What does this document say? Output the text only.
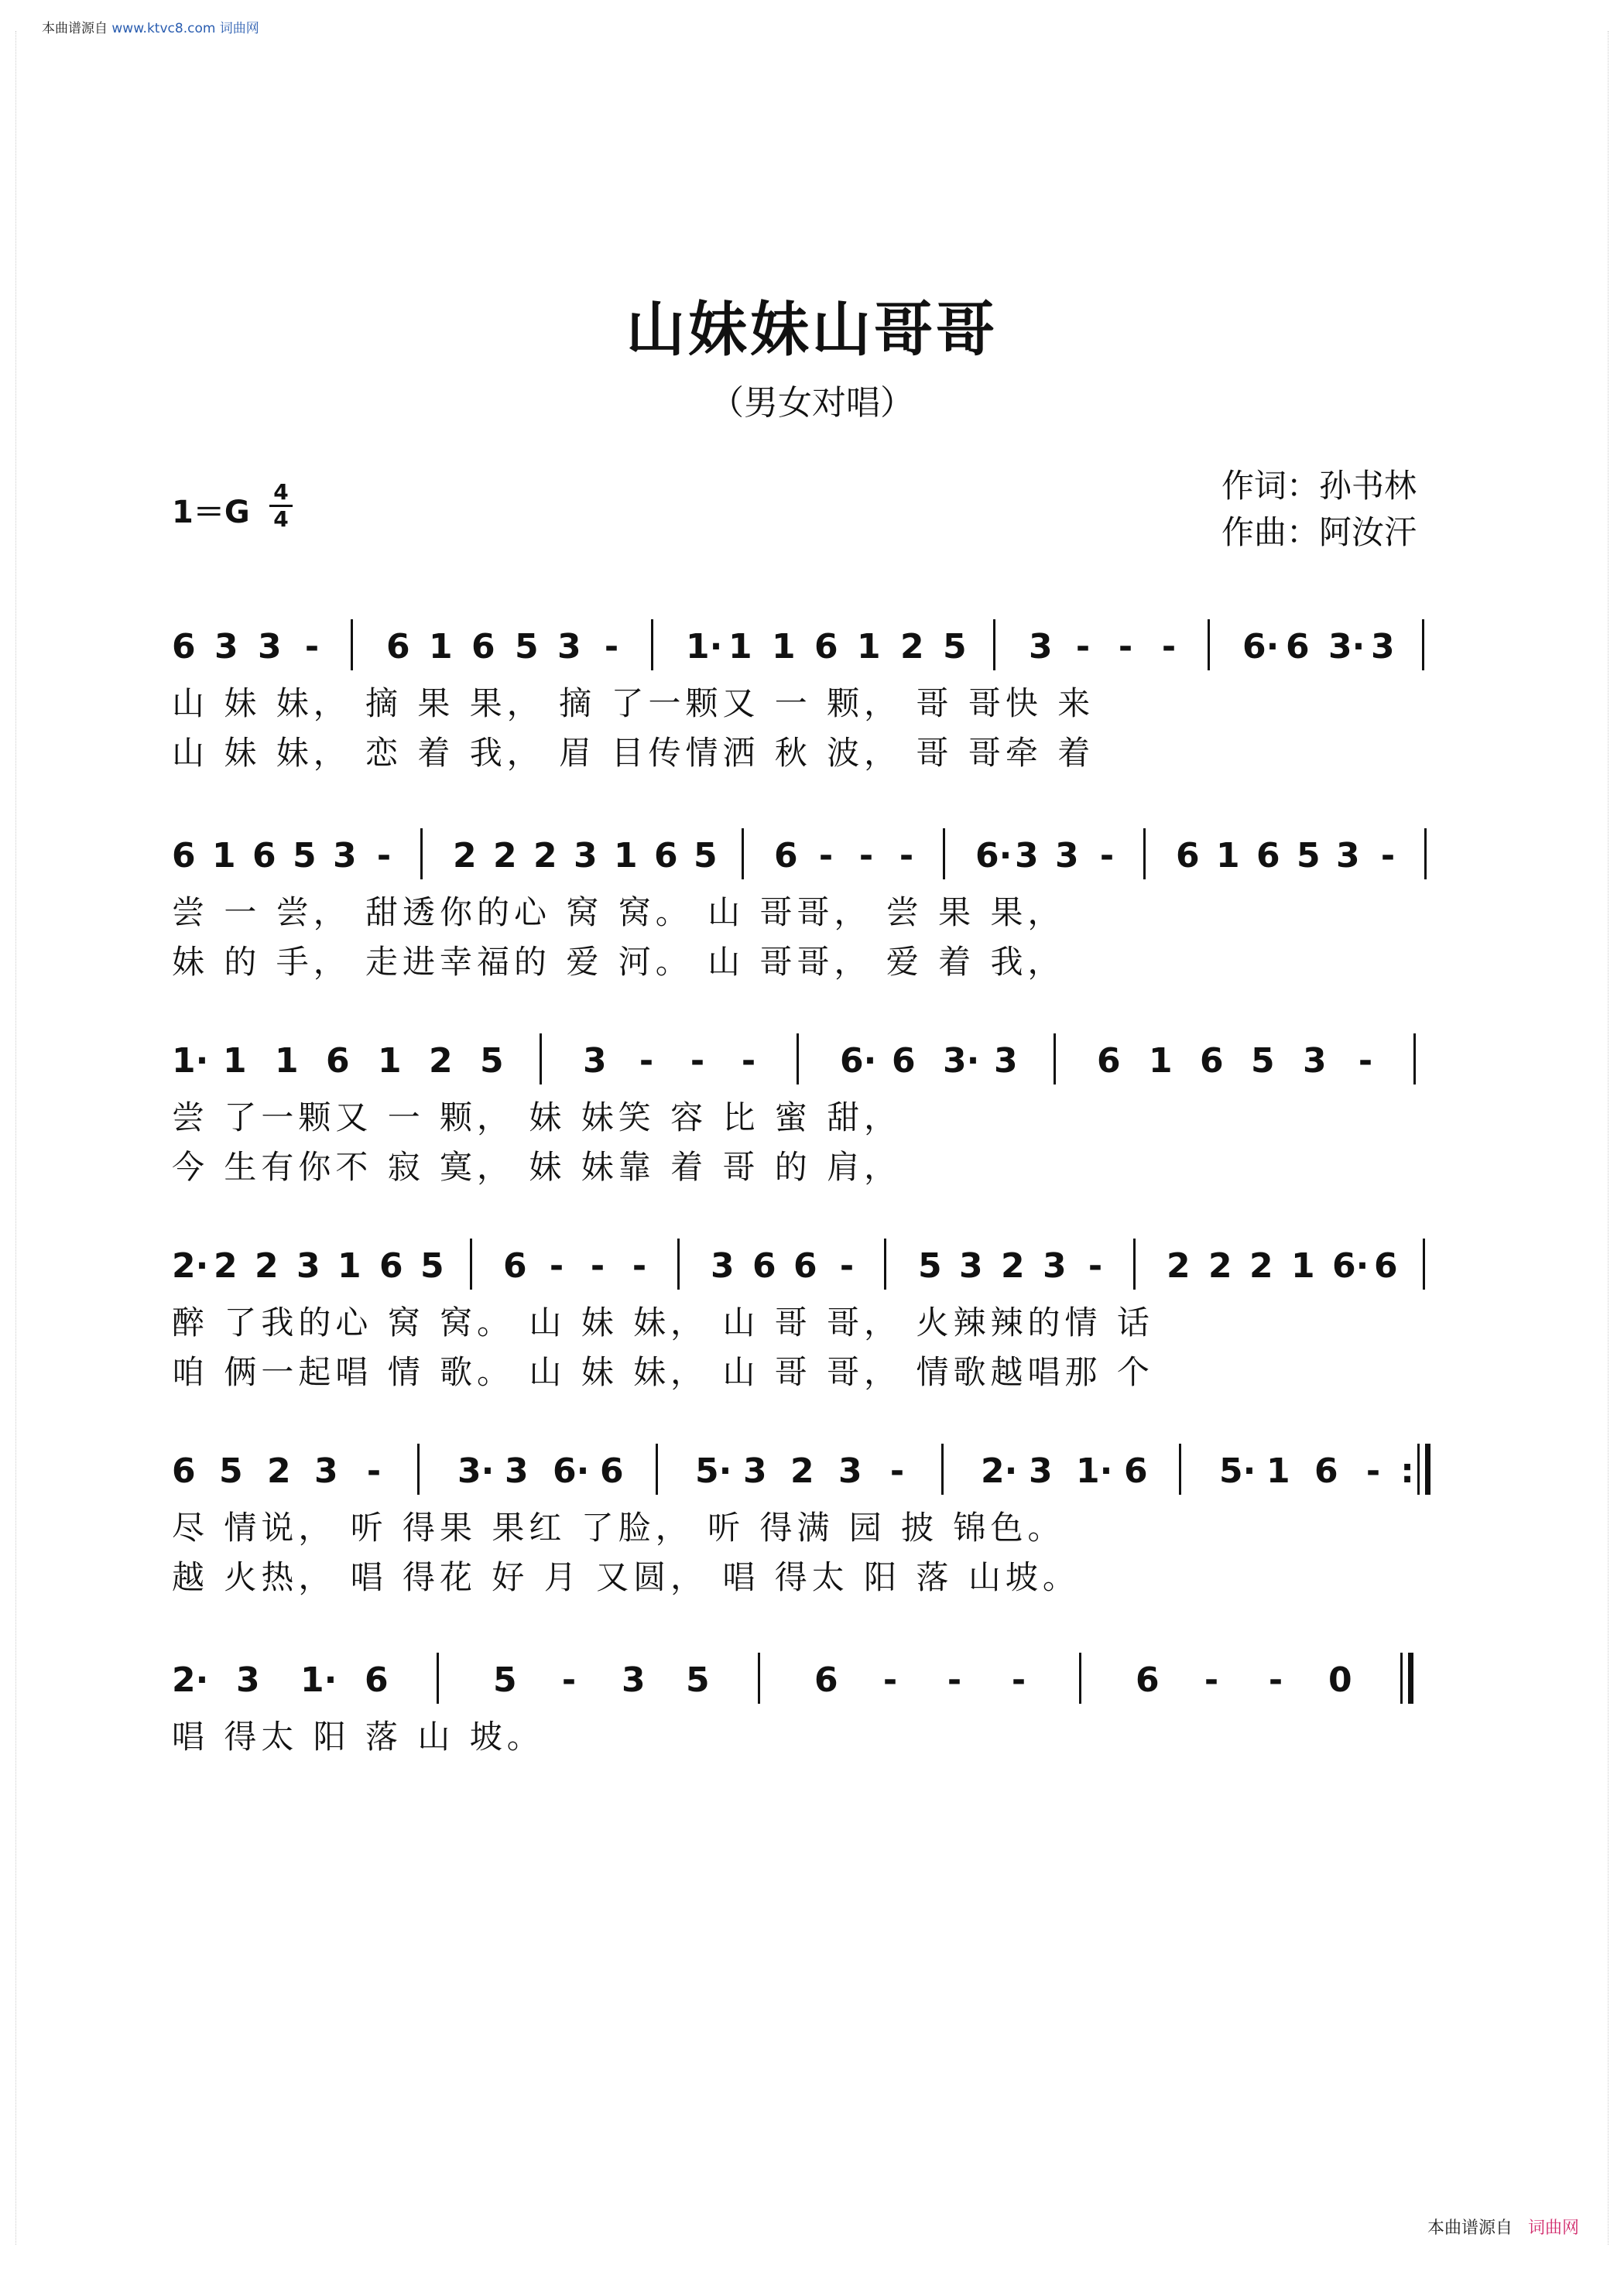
本曲谱源自 www.ktvc8.com 词曲网
山妹妹山哥哥
（男女对唱）
1＝G
4
4
作词：孙书林
作曲：阿汝汗
6 3 3 - 6 1 6 5 3 - 1· 1 1 6 1 2 5 3 - - - 6· 6 3· 3
山 妹 妹， 摘 果 果， 摘 了一颗又 一 颗， 哥 哥快 来
山 妹 妹， 恋 着 我， 眉 目传情洒 秋 波， 哥 哥牵 着
6 1 6 5 3 - 2 2 2 3 1 6 5 6 - - - 6· 3 3 - 6 1 6 5 3 -
尝 一 尝， 甜透你的心 窝 窝。 山 哥哥， 尝 果 果，
妹 的 手， 走进幸福的 爱 河。 山 哥哥， 爱 着 我，
1· 1 1 6 1 2 5 3 - - - 6· 6 3· 3 6 1 6 5 3 -
尝 了一颗又 一 颗， 妹 妹笑 容 比 蜜 甜，
今 生有你不 寂 寞， 妹 妹靠 着 哥 的 肩，
2· 2 2 3 1 6 5 6 - - - 3 6 6 - 5 3 2 3 - 2 2 2 1 6· 6
醉 了我的心 窝 窝。 山 妹 妹， 山 哥 哥， 火辣辣的情 话
咱 俩一起唱 情 歌。 山 妹 妹， 山 哥 哥， 情歌越唱那 个
6 5 2 3 - 3· 3 6· 6 5· 3 2 3 - 2· 3 1· 6 5· 1 6 - :
尽 情说， 听 得果 果红 了脸， 听 得满 园 披 锦色。
越 火热， 唱 得花 好 月 又圆， 唱 得太 阳 落 山坡。
2· 3 1· 6	5 - 3 5	6 - - -	6 - - 0
唱 得太 阳 落 山 坡。
本曲谱源自 词曲网
